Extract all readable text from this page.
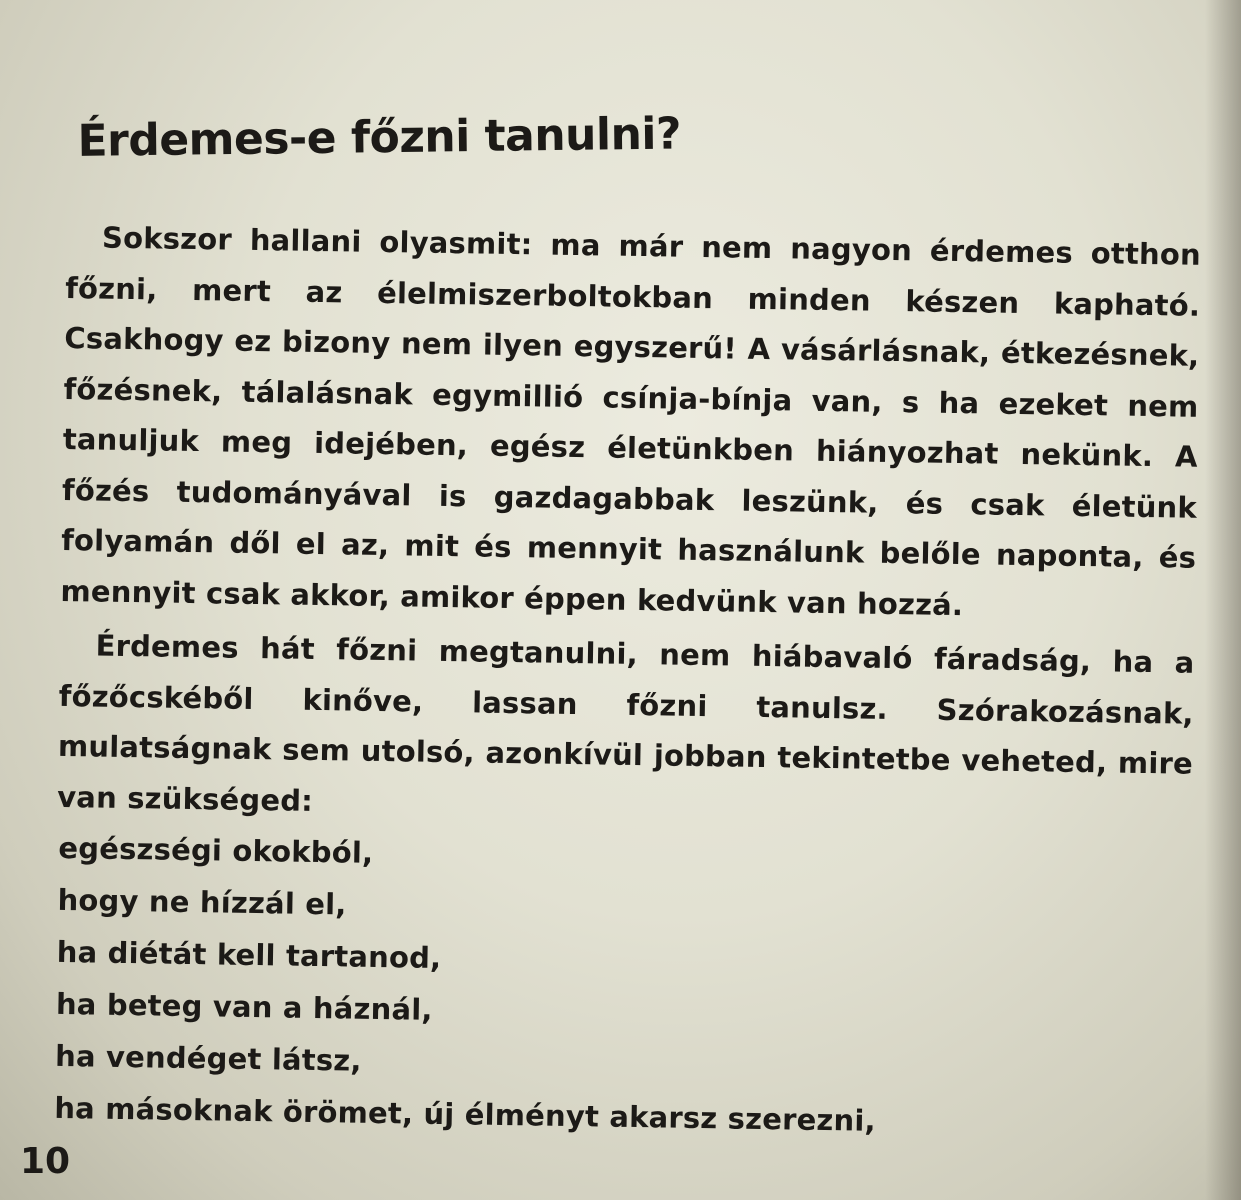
Érdemes-e főzni tanulni?

Sokszor hallani olyasmit: ma már nem nagyon érdemes otthon főzni, mert az élelmiszerboltokban minden készen kapható. Csakhogy ez bizony nem ilyen egyszerű! A vásárlásnak, étkezésnek, főzésnek, tálalásnak egymillió csínja-bínja van, s ha ezeket nem tanuljuk meg idejében, egész életünkben hiányozhat nekünk. A főzés tudományával is gazdagabbak leszünk, és csak életünk folyamán dől el az, mit és mennyit használunk belőle naponta, és mennyit csak akkor, amikor éppen kedvünk van hozzá.

Érdemes hát főzni megtanulni, nem hiábavaló fáradság, ha a főzőcskéből kinőve, lassan főzni tanulsz. Szórakozásnak, mulatságnak sem utolsó, azonkívül jobban tekintetbe veheted, mire van szükséged:

egészségi okokból,
hogy ne hízzál el,
ha diétát kell tartanod,
ha beteg van a háznál,
ha vendéget látsz,
ha másoknak örömet, új élményt akarsz szerezni,
10
